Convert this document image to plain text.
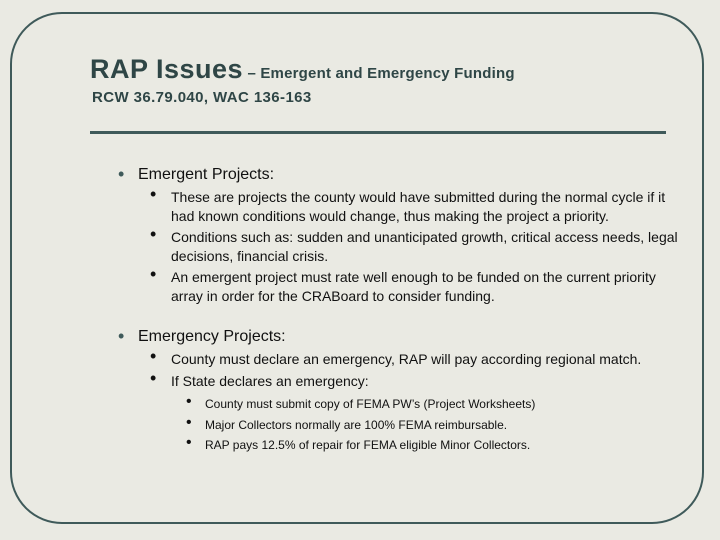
RAP Issues – Emergent and Emergency Funding

RCW 36.79.040, WAC 136-163

• Emergent Projects:
• These are projects the county would have submitted during the normal cycle if it had known conditions would change, thus making the project a priority.
• Conditions such as: sudden and unanticipated growth, critical access needs, legal decisions, financial crisis.
• An emergent project must rate well enough to be funded on the current priority array in order for the CRABoard to consider funding.
• Emergency Projects:
• County must declare an emergency, RAP will pay according regional match.
• If State declares an emergency:
• County must submit copy of FEMA PW’s (Project Worksheets)
• Major Collectors normally are 100% FEMA reimbursable.
• RAP pays 12.5% of repair for FEMA eligible Minor Collectors.
